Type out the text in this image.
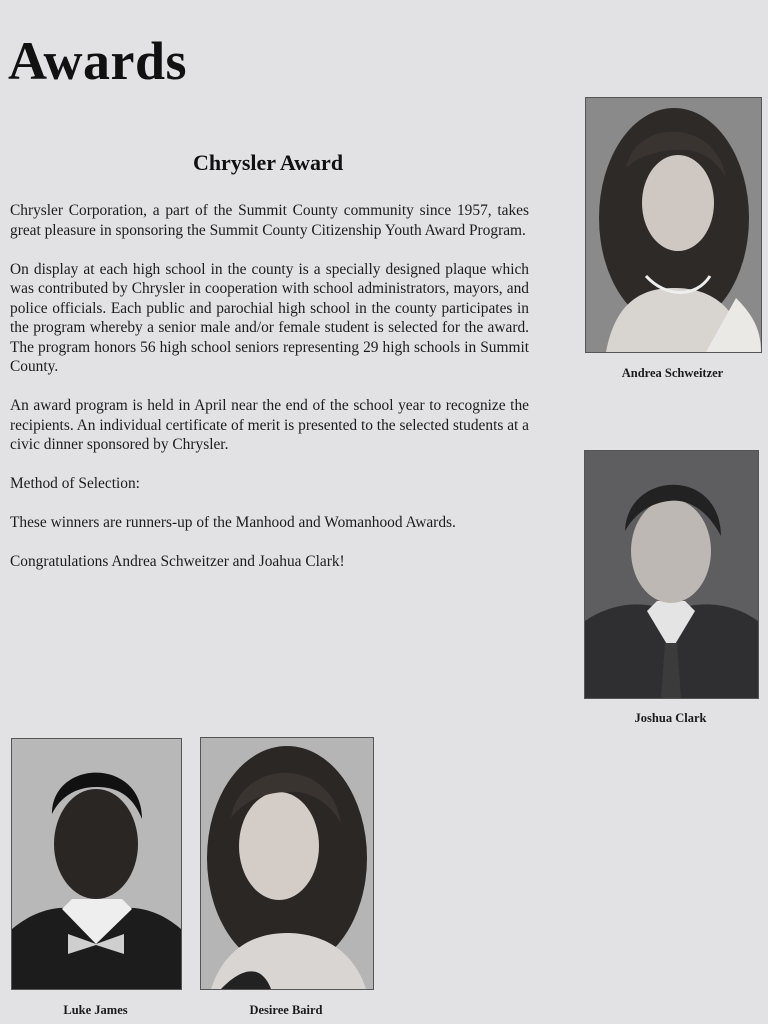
Awards
Chrysler Award

Chrysler Corporation, a part of the Summit County community since 1957, takes great pleasure in sponsoring the Summit County Citizenship Youth Award Program.

On display at each high school in the county is a specially designed plaque which was contributed by Chrysler in cooperation with school administrators, mayors, and police officials. Each public and parochial high school in the county participates in the program whereby a senior male and/or female student is selected for the award. The program honors 56 high school seniors representing 29 high schools in Summit County.

An award program is held in April near the end of the school year to recognize the recipients. An individual certificate of merit is presented to the selected students at a civic dinner sponsored by Chrysler.

Method of Selection:

These winners are runners-up of the Manhood and Womanhood Awards.

Congratulations Andrea Schweitzer and Joahua Clark!

Andrea Schweitzer
Joshua Clark
Luke James	Desiree Baird
